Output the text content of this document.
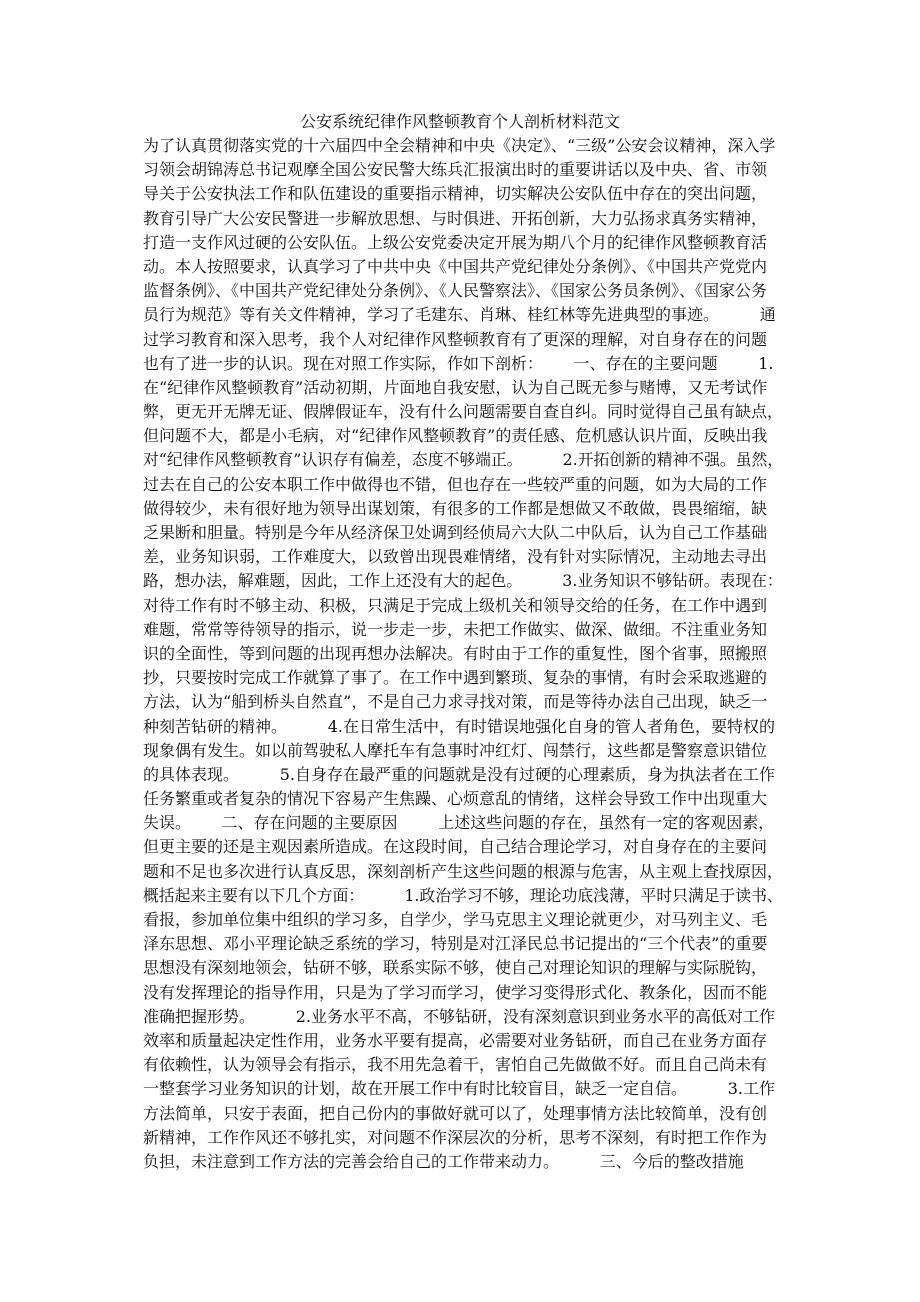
公安系统纪律作风整顿教育个人剖析材料范文
为了认真贯彻落实党的十六届四中全会精神和中央《决定》、“三级”公安会议精神，深入学
习领会胡锦涛总书记观摩全国公安民警大练兵汇报演出时的重要讲话以及中央、省、市领
导关于公安执法工作和队伍建设的重要指示精神，切实解决公安队伍中存在的突出问题，
教育引导广大公安民警进一步解放思想、与时俱进、开拓创新，大力弘扬求真务实精神，
打造一支作风过硬的公安队伍。上级公安党委决定开展为期八个月的纪律作风整顿教育活
动。本人按照要求，认真学习了中共中央《中国共产党纪律处分条例》、《中国共产党党内
监督条例》、《中国共产党纪律处分条例》、《人民警察法》、《国家公务员条例》、《国家公务
员行为规范》等有关文件精神，学习了毛建东、肖琳、桂红林等先进典型的事迹。        通
过学习教育和深入思考，我个人对纪律作风整顿教育有了更深的理解，对自身存在的问题
也有了进一步的认识。现在对照工作实际，作如下剖析：      一、存在的主要问题        1.
在“纪律作风整顿教育”活动初期，片面地自我安慰，认为自己既无参与赌博，又无考试作
弊，更无开无牌无证、假牌假证车，没有什么问题需要自查自纠。同时觉得自己虽有缺点，
但问题不大，都是小毛病，对“纪律作风整顿教育”的责任感、危机感认识片面，反映出我
对“纪律作风整顿教育”认识存有偏差，态度不够端正。        2.开拓创新的精神不强。虽然，
过去在自己的公安本职工作中做得也不错，但也存在一些较严重的问题，如为大局的工作
做得较少，未有很好地为领导出谋划策，有很多的工作都是想做又不敢做，畏畏缩缩，缺
乏果断和胆量。特别是今年从经济保卫处调到经侦局六大队二中队后，认为自己工作基础
差，业务知识弱，工作难度大，以致曾出现畏难情绪，没有针对实际情况，主动地去寻出
路，想办法，解难题，因此，工作上还没有大的起色。        3.业务知识不够钻研。表现在：
对待工作有时不够主动、积极，只满足于完成上级机关和领导交给的任务，在工作中遇到
难题，常常等待领导的指示，说一步走一步，未把工作做实、做深、做细。不注重业务知
识的全面性，等到问题的出现再想办法解决。有时由于工作的重复性，图个省事，照搬照
抄，只要按时完成工作就算了事了。在工作中遇到繁琐、复杂的事情，有时会采取逃避的
方法，认为“船到桥头自然直”，不是自己力求寻找对策，而是等待办法自己出现，缺乏一
种刻苦钻研的精神。        4.在日常生活中，有时错误地强化自身的管人者角色，要特权的
现象偶有发生。如以前驾驶私人摩托车有急事时冲红灯、闯禁行，这些都是警察意识错位
的具体表现。        5.自身存在最严重的问题就是没有过硬的心理素质，身为执法者在工作
任务繁重或者复杂的情况下容易产生焦躁、心烦意乱的情绪，这样会导致工作中出现重大
失误。      二、存在问题的主要原因        上述这些问题的存在，虽然有一定的客观因素，
但更主要的还是主观因素所造成。在这段时间，自己结合理论学习，对自身存在的主要问
题和不足也多次进行认真反思，深刻剖析产生这些问题的根源与危害，从主观上查找原因，
概括起来主要有以下几个方面：        1.政治学习不够，理论功底浅薄，平时只满足于读书、
看报，参加单位集中组织的学习多，自学少，学马克思主义理论就更少，对马列主义、毛
泽东思想、邓小平理论缺乏系统的学习，特别是对江泽民总书记提出的“三个代表”的重要
思想没有深刻地领会，钻研不够，联系实际不够，使自己对理论知识的理解与实际脱钩，
没有发挥理论的指导作用，只是为了学习而学习，使学习变得形式化、教条化，因而不能
准确把握形势。        2.业务水平不高，不够钻研，没有深刻意识到业务水平的高低对工作
效率和质量起决定性作用，业务水平要有提高，必需要对业务钻研，而自己在业务方面存
有依赖性，认为领导会有指示，我不用先急着干，害怕自己先做做不好。而且自己尚未有
一整套学习业务知识的计划，故在开展工作中有时比较盲目，缺乏一定自信。        3.工作
方法简单，只安于表面，把自己份内的事做好就可以了，处理事情方法比较简单，没有创
新精神，工作作风还不够扎实，对问题不作深层次的分析，思考不深刻，有时把工作作为
负担，未注意到工作方法的完善会给自己的工作带来动力。        三、今后的整改措施
